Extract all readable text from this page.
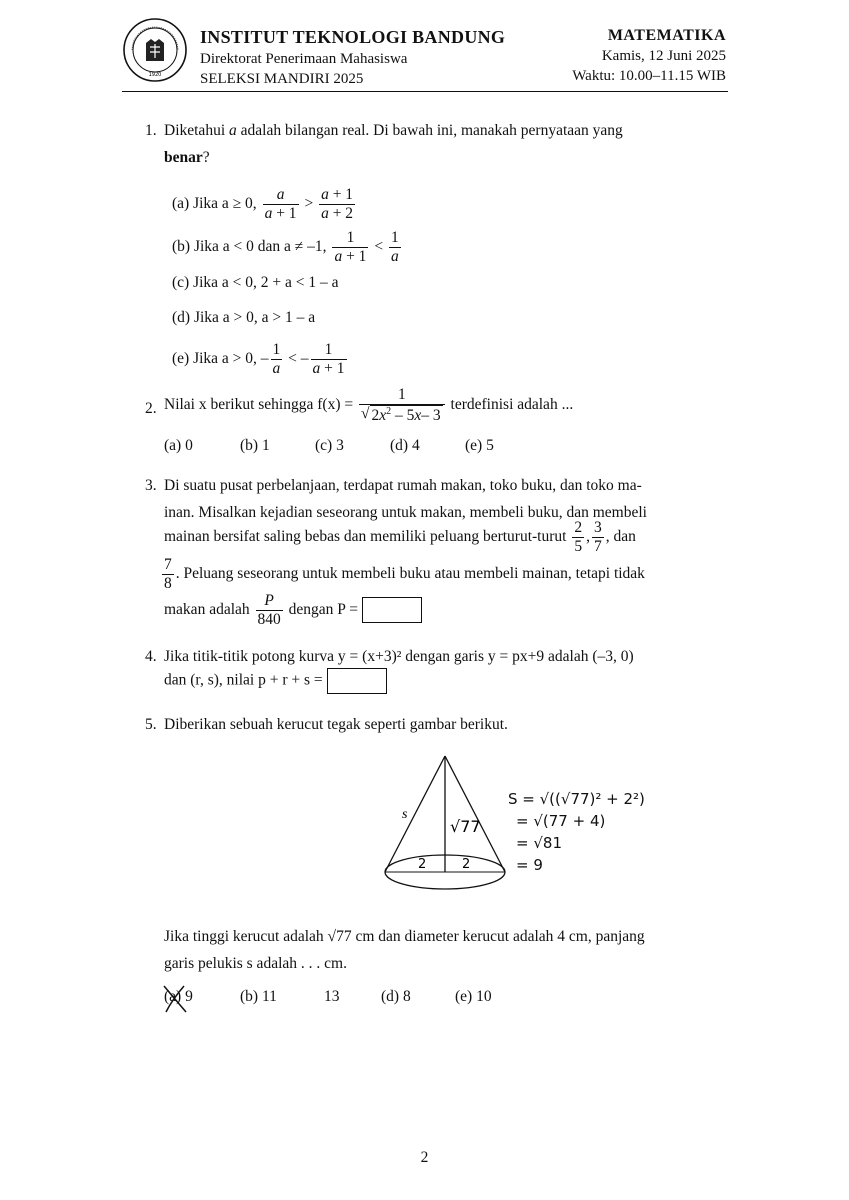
1920
INSTITUT TEKNOLOGI BANDUNG
Direktorat Penerimaan Mahasiswa
SELEKSI MANDIRI 2025
MATEMATIKA
Kamis, 12 Juni 2025
Waktu: 10.00–11.15 WIB
1. Diketahui a adalah bilangan real. Di bawah ini, manakah pernyataan yang
benar?
(a) Jika a ≥ 0, $\frac{a}{a + 1} > \frac{a + 1}{a + 2}$
(b) Jika a < 0 dan a ≠ –1, $\frac{1}{a + 1} < \frac{1}{a}$
(c) Jika a < 0, 2 + a < 1 – a
(d) Jika a > 0, a > 1 – a
(e) Jika a > 0, – $\frac{1}{a}$ < – $\frac{1}{a + 1}$
2. Nilai x berikut sehingga $f(x) = \frac{1}{√ 2x^2 - 5x- 3}$ terdefinisi adalah ...
(a) 0	(b) 1	(c) 3	(d) 4	(e) 5
3. Di suatu pusat perbelanjaan, terdapat rumah makan, toko buku, dan toko ma-
inan. Misalkan kejadian seseorang untuk makan, membeli buku, dan membeli
mainan bersifat saling bebas dan memiliki peluang berturut-turut $\frac{2}{5}$ , $\frac{3}{7}$ , dan
$\frac{7}{8}$ . Peluang seseorang untuk membeli buku atau membeli mainan, tetapi tidak
makan adalah $\frac{P}{840}$ dengan P =
4. Jika titik-titik potong kurva y = (x+3)² dengan garis y = px+9 adalah (–3, 0)
dan (r, s), nilai p + r + s =
5. Diberikan sebuah kerucut tegak seperti gambar berikut.
s
√77
2	2
S = √((√77)² + 2²)
= √(77 + 4)
= √81
= 9
Jika tinggi kerucut adalah √77 cm dan diameter kerucut adalah 4 cm, panjang
garis pelukis s adalah . . . cm.
(a) 9	(b) 11	13	(d) 8	(e) 10
2
